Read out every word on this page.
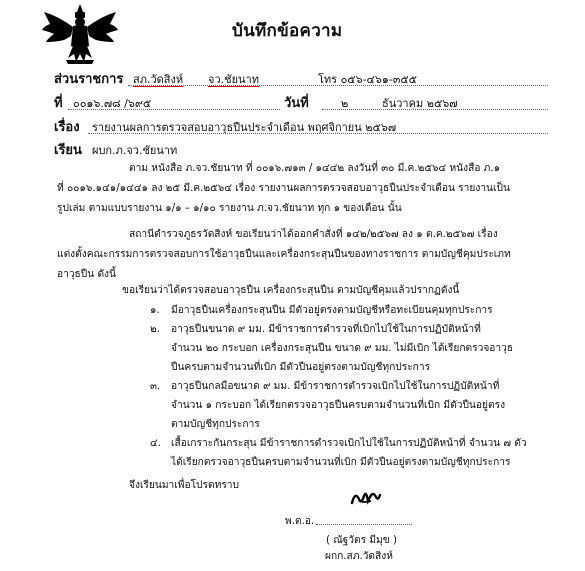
บันทึกข้อความ
ส่วนราชการ สภ.วัดสิงห์ จว.ชัยนาท	โทร ๐๕๖-๔๖๑-๓๕๕
ที่ ๐๐๑๖.๗๘ /๖๙๕	วันที่	๒	ธันวาคม ๒๕๖๗
เรื่อง รายงานผลการตรวจสอบอาวุธปืนประจำเดือน พฤศจิกายน ๒๕๖๗
เรียน ผบก.ภ.จว.ชัยนาท
ตาม หนังสือ ภ.จว.ชัยนาท ที่ ๐๐๑๖.๗๑๓ / ๑๔๔๒ ลงวันที่ ๓๐ มี.ค.๒๕๖๔ หนังสือ ภ.๑
ที่ ๐๐๑๖.๑๔๑/๑๔๔๑ ลง ๒๕ มี.ค.๒๕๖๔ เรื่อง รายงานผลการตรวจสอบอาวุธปืนประจำเดือน รายงานเป็น
รูปเล่ม ตามแบบรายงาน ๑/๑ – ๑/๑๐ รายงาน ภ.จว.ชัยนาท ทุก ๑ ของเดือน นั้น
สถานีตำรวจภูธรวัดสิงห์ ขอเรียนว่าได้ออกคำสั่งที่ ๑๔๒/๒๕๖๗ ลง ๑ ต.ค.๒๕๖๗ เรื่อง
แต่งตั้งคณะกรรมการตรวจสอบการใช้อาวุธปืนและเครื่องกระสุนปืนของทางราชการ ตามบัญชีคุมประเภท
อาวุธปืน ดังนี้
ขอเรียนว่าได้ตรวจสอบอาวุธปืน เครื่องกระสุนปืน ตามบัญชีคุมแล้วปรากฏดังนี้
๑. มีอาวุธปืนเครื่องกระสุนปืน มีตัวอยู่ตรงตามบัญชีหรือทะเบียนคุมทุกประการ
๒. อาวุธปืนขนาด ๙ มม. มีข้าราชการตำรวจที่เบิกไปใช้ในการปฏิบัติหน้าที่
จำนวน ๒๐ กระบอก เครื่องกระสุนปืน ขนาด ๙ มม. ไม่มีเบิก ได้เรียกตรวจอาวุธ
ปืนครบตามจำนวนที่เบิก มีตัวปืนอยู่ตรงตามบัญชีทุกประการ
๓. อาวุธปืนกลมือขนาด ๙ มม. มีข้าราชการตำรวจเบิกไปใช้ในการปฏิบัติหน้าที่
จำนวน ๑ กระบอก ได้เรียกตรวจอาวุธปืนครบตามจำนวนที่เบิก มีตัวปืนอยู่ตรง
ตามบัญชีทุกประการ
๔. เสื้อเกราะกันกระสุน มีข้าราชการตำรวจเบิกไปใช้ในการปฏิบัติหน้าที่ จำนวน ๗ ตัว
ได้เรียกตรวจอาวุธปืนครบตามจำนวนที่เบิก มีตัวปืนอยู่ตรงตามบัญชีทุกประการ
จึงเรียนมาเพื่อโปรดทราบ
พ.ต.อ.
( ณัฐวัตร มีมุข )
ผกก.สภ.วัดสิงห์
